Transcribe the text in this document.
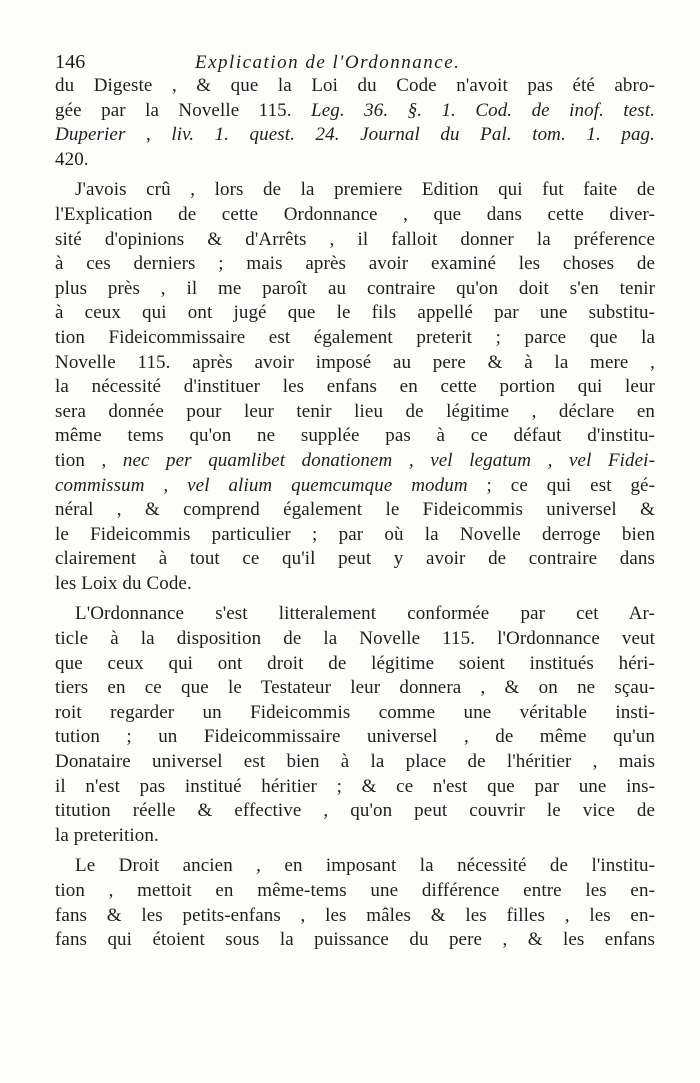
146	Explication de l'Ordonnance.
du Digeste , & que la Loi du Code n'avoit pas été abro-
gée par la Novelle 115. Leg. 36. §. 1. Cod. de inof. test.
Duperier , liv. 1. quest. 24. Journal du Pal. tom. 1. pag.
420.
J'avois crû , lors de la premiere Edition qui fut faite de
l'Explication de cette Ordonnance , que dans cette diver-
sité d'opinions & d'Arrêts , il falloit donner la préference
à ces derniers ; mais après avoir examiné les choses de
plus près , il me paroît au contraire qu'on doit s'en tenir
à ceux qui ont jugé que le fils appellé par une substitu-
tion Fideicommissaire est également preterit ; parce que la
Novelle 115. après avoir imposé au pere & à la mere ,
la nécessité d'instituer les enfans en cette portion qui leur
sera donnée pour leur tenir lieu de légitime , déclare en
même tems qu'on ne supplée pas à ce défaut d'institu-
tion , nec per quamlibet donationem , vel legatum , vel Fidei-
commissum , vel alium quemcumque modum ; ce qui est gé-
néral , & comprend également le Fideicommis universel &
le Fideicommis particulier ; par où la Novelle derroge bien
clairement à tout ce qu'il peut y avoir de contraire dans
les Loix du Code.
L'Ordonnance s'est litteralement conformée par cet Ar-
ticle à la disposition de la Novelle 115. l'Ordonnance veut
que ceux qui ont droit de légitime soient institués héri-
tiers en ce que le Testateur leur donnera , & on ne sçau-
roit regarder un Fideicommis comme une véritable insti-
tution ; un Fideicommissaire universel , de même qu'un
Donataire universel est bien à la place de l'héritier , mais
il n'est pas institué héritier ; & ce n'est que par une ins-
titution réelle & effective , qu'on peut couvrir le vice de
la preterition.
Le Droit ancien , en imposant la nécessité de l'institu-
tion , mettoit en même-tems une différence entre les en-
fans & les petits-enfans , les mâles & les filles , les en-
fans qui étoient sous la puissance du pere , & les enfans
